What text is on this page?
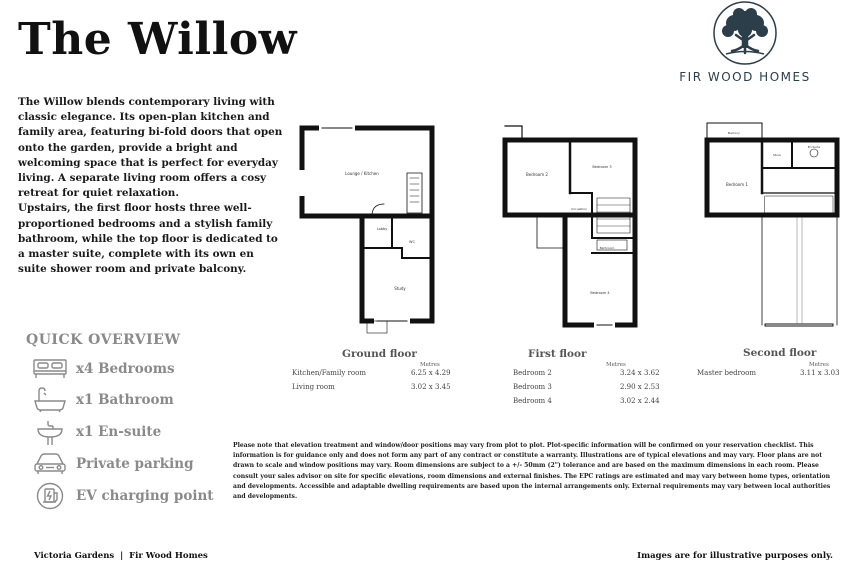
The Willow

The Willow blends contemporary living with classic elegance. Its open-plan kitchen and family area, featuring bi-fold doors that open onto the garden, provide a bright and welcoming space that is perfect for everyday living. A separate living room offers a cosy retreat for quiet relaxation.

Upstairs, the first floor hosts three well-proportioned bedrooms and a stylish family bathroom, while the top floor is dedicated to a master suite, complete with its own en suite shower room and private balcony.

FIR WOOD HOMES
QUICK OVERVIEW
x4 Bedrooms
x1 Bathroom
x1 En-suite
Private parking
EV charging point
Lounge / Kitchen
Study
Lobby
WC
Bedroom 2
Bedroom 3
Circulation
Bathroom
Bedroom 4
Bedroom 1
Balcony
En Suite
Store
Ground floor
Metres
Kitchen/Family room	6.25 x 4.29
Living room	3.02 x 3.45
First floor
Metres
Bedroom 2	3.24 x 3.62
Bedroom 3	2.90 x 2.53
Bedroom 4	3.02 x 2.44
Second floor
Metres
Master bedroom	3.11 x 3.03
Please note that elevation treatment and window/door positions may vary from plot to plot. Plot-specific information will be confirmed on your reservation checklist. This information is for guidance only and does not form any part of any contract or constitute a warranty. Illustrations are of typical elevations and may vary. Floor plans are not drawn to scale and window positions may vary. Room dimensions are subject to a +/- 50mm (2") tolerance and are based on the maximum dimensions in each room. Please consult your sales advisor on site for specific elevations, room dimensions and external finishes. The EPC ratings are estimated and may vary between home types, orientation and developments. Accessible and adaptable dwelling requirements are based upon the internal arrangements only. External requirements may vary between local authorities and developments.
Victoria Gardens  |  Fir Wood Homes	Images are for illustrative purposes only.
